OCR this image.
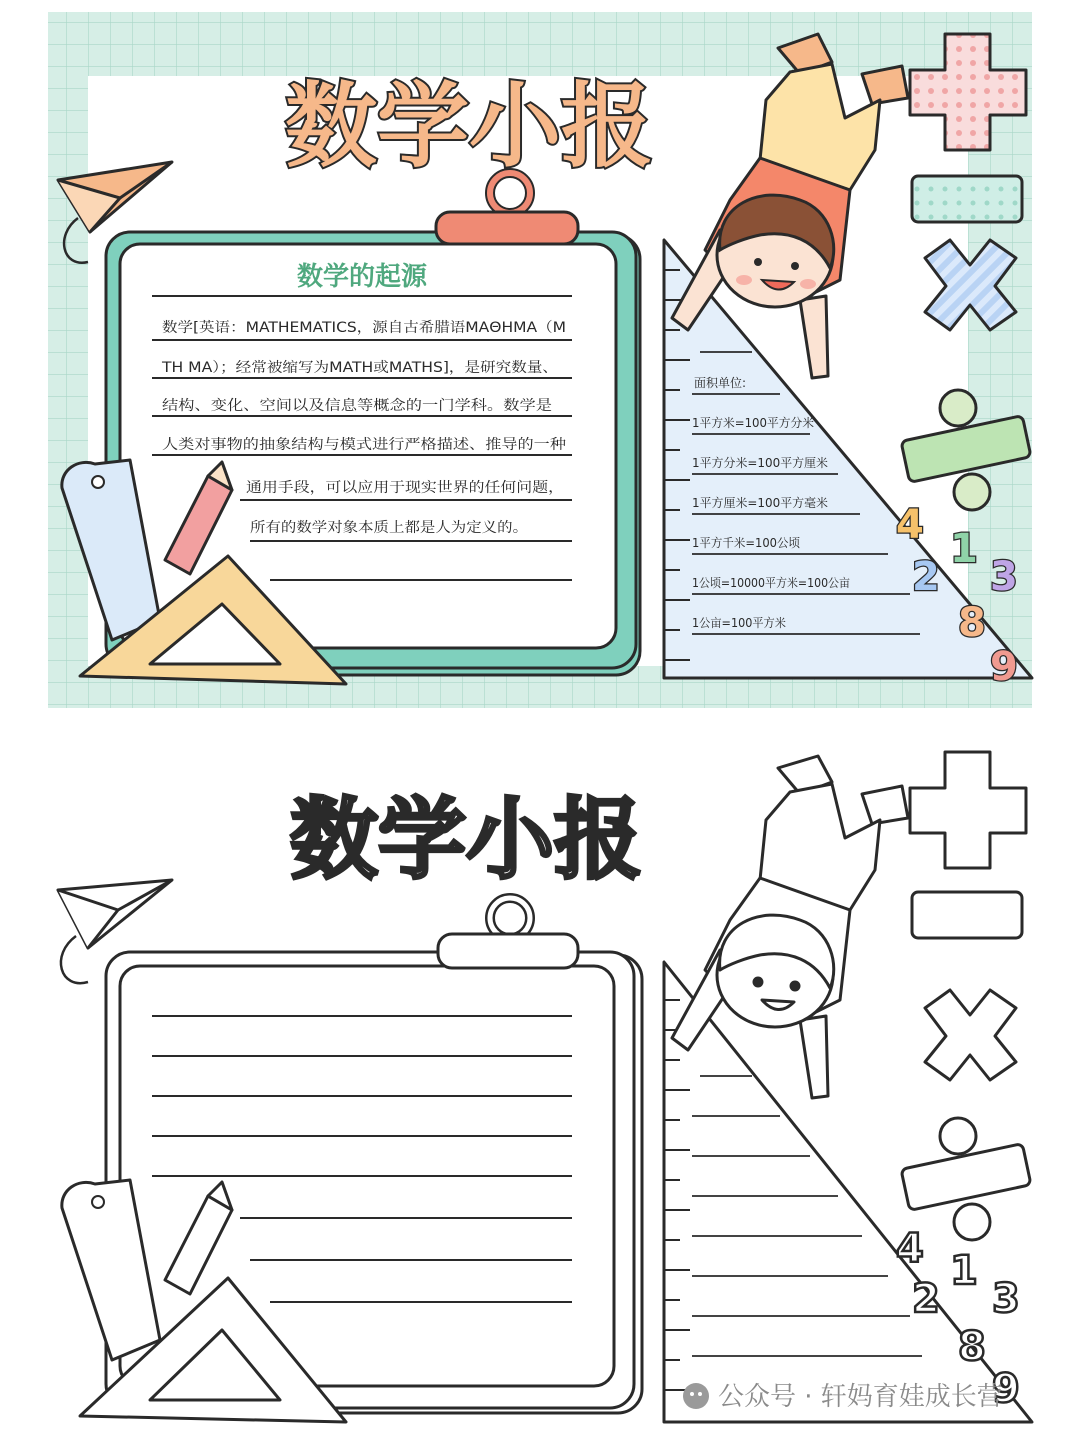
数学小报
数学的起源
数学[英语：MATHEMATICS，源自古希腊语MAΘHMA（M
TH MA）；经常被缩写为MATH或MATHS]，是研究数量、
结构、变化、空间以及信息等概念的一门学科。数学是
人类对事物的抽象结构与模式进行严格描述、推导的一种
通用手段，可以应用于现实世界的任何问题，
所有的数学对象本质上都是人为定义的。
面积单位:
1平方米=100平方分米
1平方分米=100平方厘米
1平方厘米=100平方毫米
1平方千米=100公顷
1公顷=10000平方米=100公亩
1公亩=100平方米
4
1
3
2
8
9
数学小报
4 1
3
2
8
9
公众号 · 轩妈育娃成长营
